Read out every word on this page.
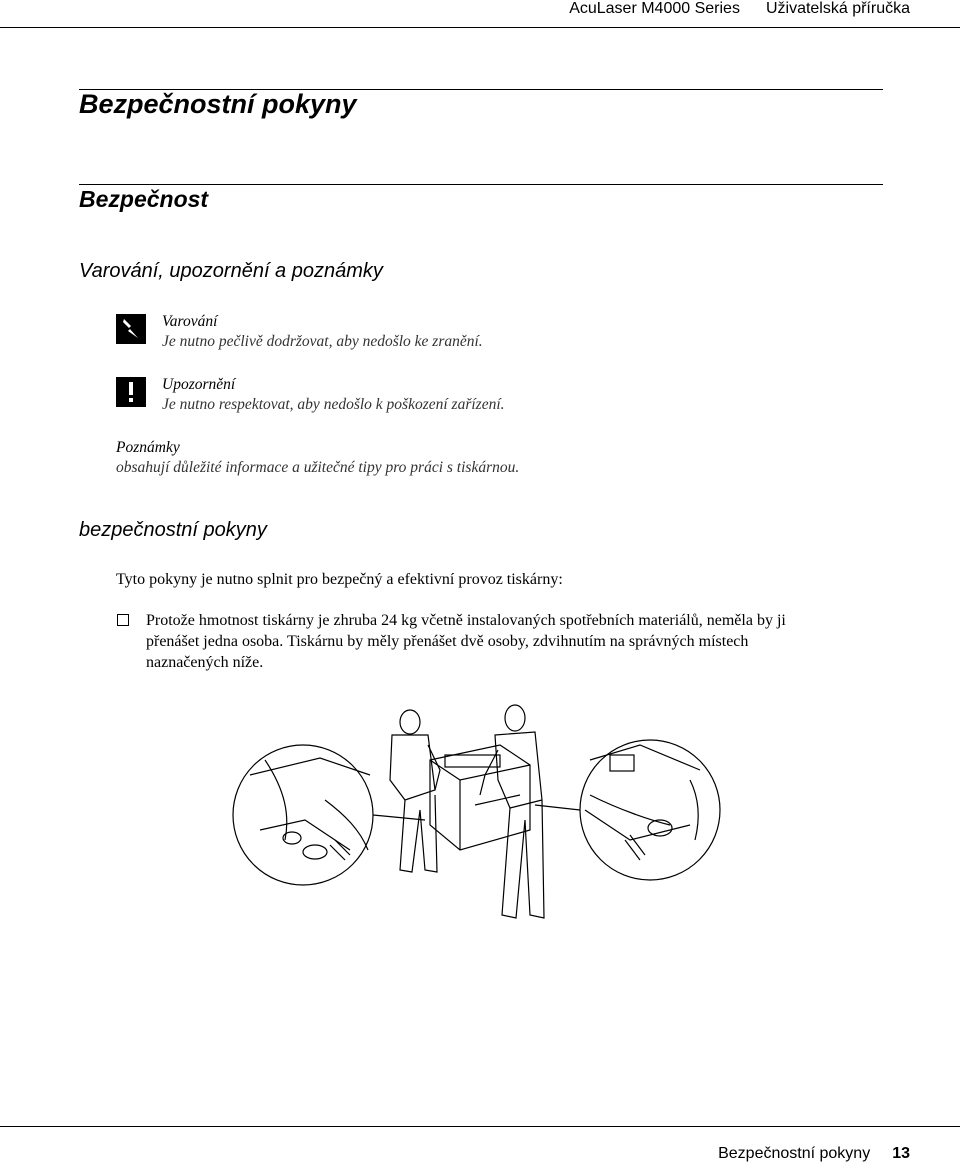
AcuLaser M4000 Series Uživatelská příručka
Bezpečnostní pokyny
Bezpečnost
Varování, upozornění a poznámky
Varování
Je nutno pečlivě dodržovat, aby nedošlo ke zranění.
Upozornění
Je nutno respektovat, aby nedošlo k poškození zařízení.
Poznámky
obsahují důležité informace a užitečné tipy pro práci s tiskárnou.
bezpečnostní pokyny
Tyto pokyny je nutno splnit pro bezpečný a efektivní provoz tiskárny:
Protože hmotnost tiskárny je zhruba 24 kg včetně instalovaných spotřebních materiálů, neměla by ji
přenášet jedna osoba. Tiskárnu by měly přenášet dvě osoby, zdvihnutím na správných místech
naznačených níže.
Bezpečnostní pokyny 13
